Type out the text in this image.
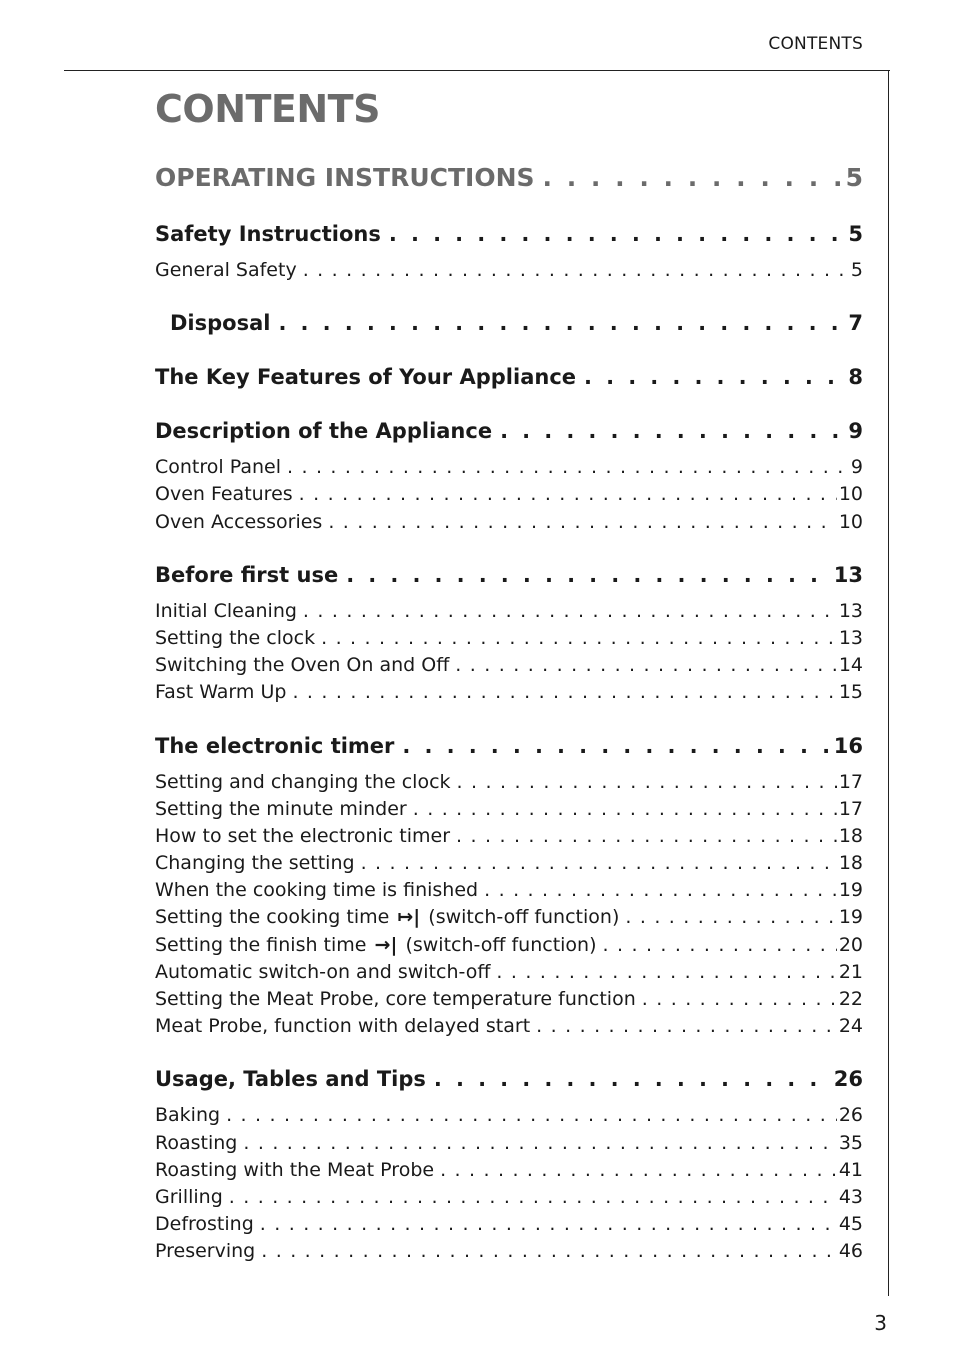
CONTENTS
CONTENTS
OPERATING INSTRUCTIONS . . .	5
Safety Instructions . . .	5
General Safety . . .	5
Disposal . . .	7
The Key Features of Your Appliance . . .	8
Description of the Appliance . . .	9
Control Panel . . .	9
Oven Features . . .	10
Oven Accessories . . .	10
Before first use . . .	13
Initial Cleaning . . .	13
Setting the clock . . .	13
Switching the Oven On and Off . . .	14
Fast Warm Up . . .	15
The electronic timer . . .	16
Setting and changing the clock . . .	17
Setting the minute minder . . .	17
How to set the electronic timer . . .	18
Changing the setting . . .	18
When the cooking time is finished . . .	19
Setting the cooking time ↦| (switch-off function) . . .	19
Setting the finish time →| (switch-off function) . . .	20
Automatic switch-on and switch-off . . .	21
Setting the Meat Probe, core temperature function . . .	22
Meat Probe, function with delayed start . . .	24
Usage, Tables and Tips . . .	26
Baking . . .	26
Roasting . . .	35
Roasting with the Meat Probe . . .	41
Grilling . . .	43
Defrosting . . .	45
Preserving . . .	46
3
